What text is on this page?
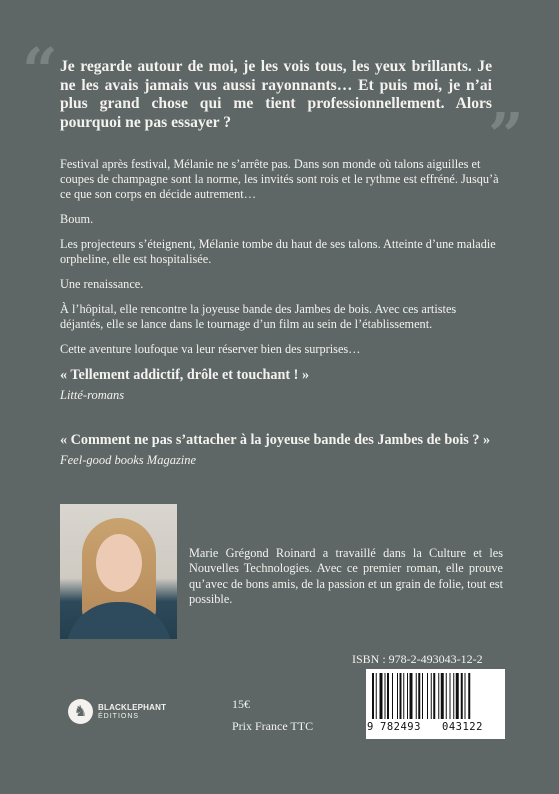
“ Je regarde autour de moi, je les vois tous, les yeux brillants. Je ne les avais jamais vus aussi rayonnants… Et puis moi, je n’ai plus grand chose qui me tient professionnellement. Alors pourquoi ne pas essayer ?	”

Festival après festival, Mélanie ne s’arrête pas. Dans son monde où talons aiguilles et coupes de champagne sont la norme, les invités sont rois et le rythme est effréné. Jusqu’à ce que son corps en décide autrement…

Boum.

Les projecteurs s’éteignent, Mélanie tombe du haut de ses talons. Atteinte d’une maladie orpheline, elle est hospitalisée.

Une renaissance.

À l’hôpital, elle rencontre la joyeuse bande des Jambes de bois. Avec ces artistes déjantés, elle se lance dans le tournage d’un film au sein de l’établissement.

Cette aventure loufoque va leur réserver bien des surprises…

« Tellement addictif, drôle et touchant ! »

Litté-romans

« Comment ne pas s’attacher à la joyeuse bande des Jambes de bois ? »

Feel-good books Magazine

Marie Grégond Roinard a travaillé dans la Culture et les Nouvelles Technologies. Avec ce premier roman, elle prouve qu’avec de bons amis, de la passion et un grain de folie, tout est possible.

ISBN : 978-2-493043-12-2
9 782493 043122
♞	BLACKLEPHANT
ÉDITIONS
15€
Prix France TTC
